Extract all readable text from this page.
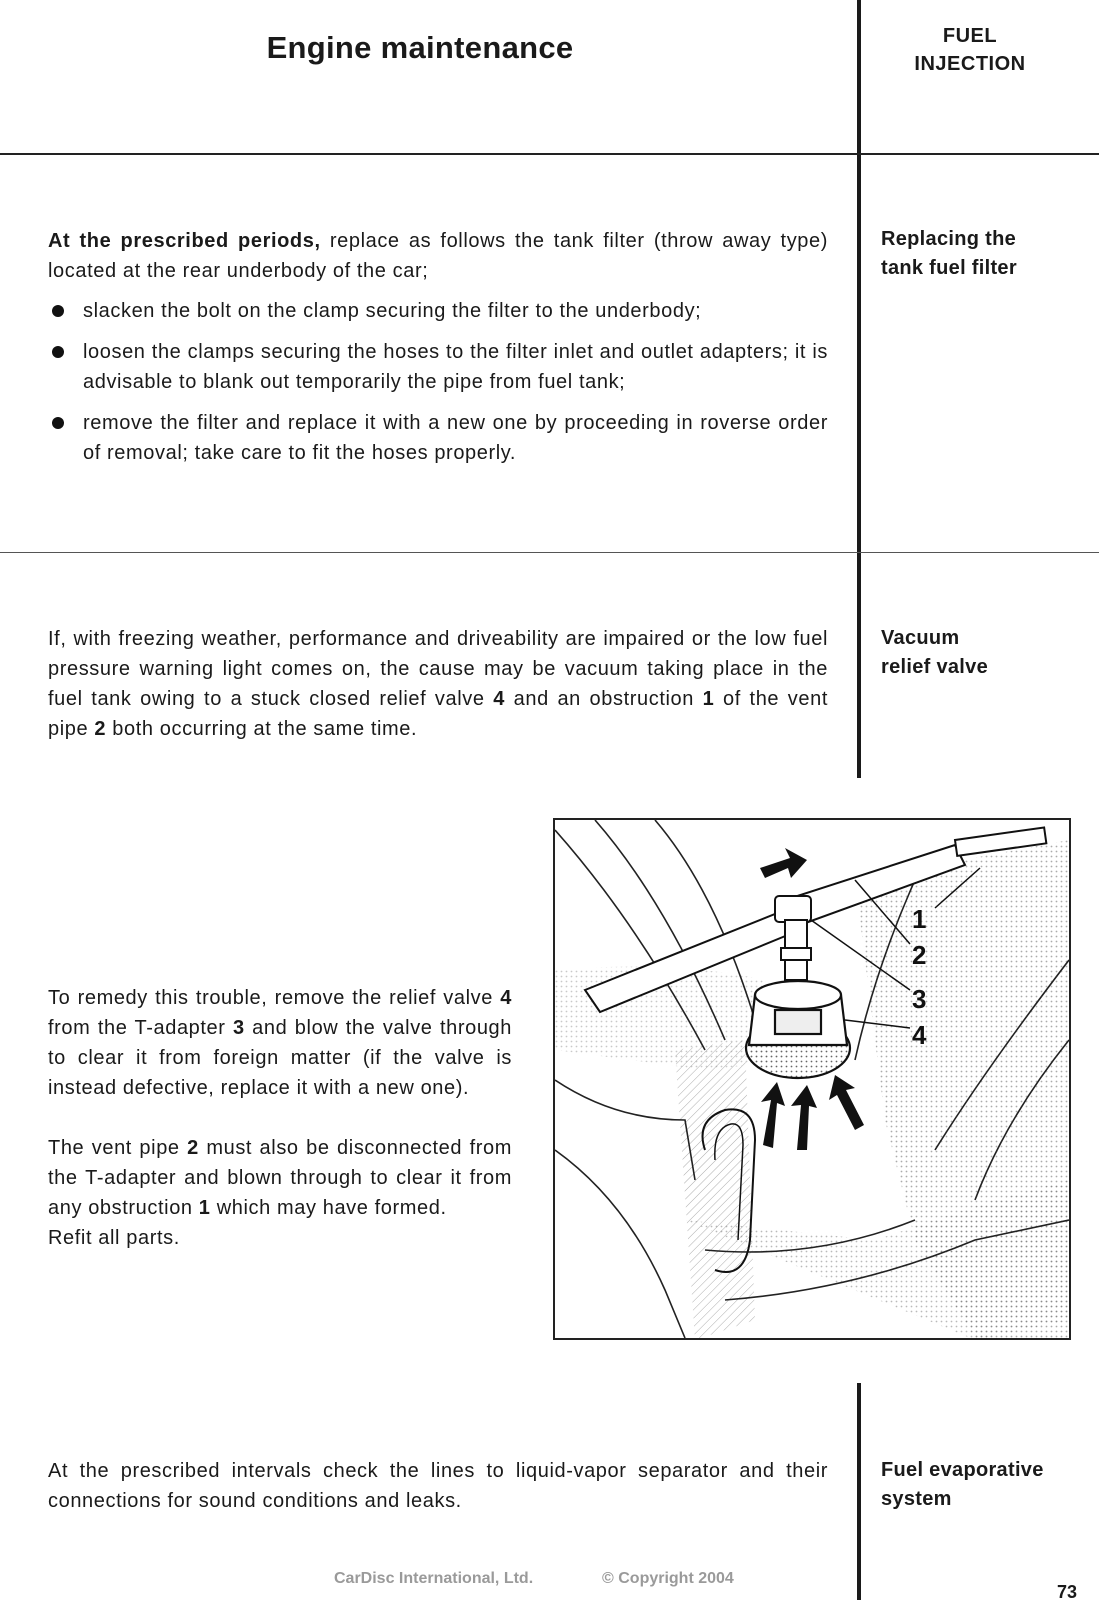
Engine maintenance	FUEL
INJECTION
Replacing the
tank fuel filter
At the prescribed periods, replace as follows the tank filter (throw away type) located at the rear underbody of the car;
slacken the bolt on the clamp securing the filter to the underbody;
loosen the clamps securing the hoses to the filter inlet and outlet adapters; it is advisable to blank out temporarily the pipe from fuel tank;
remove the filter and replace it with a new one by proceeding in roverse order of removal; take care to fit the hoses properly.
Vacuum
relief valve
If, with freezing weather, performance and driveability are impaired or the low fuel pressure warning light comes on, the cause may be vacuum taking place in the fuel tank owing to a stuck closed relief valve 4 and an obstruction 1 of the vent pipe 2 both occurring at the same time.
To remedy this trouble, remove the relief valve 4 from the T-adapter 3 and blow the valve through to clear it from foreign matter (if the valve is instead defective, replace it with a new one).
The vent pipe 2 must also be disconnected from the T-adapter and blown through to clear it from any obstruction 1 which may have formed.
Refit all parts.
1
2
3
4
Fuel evaporative
system
At the prescribed intervals check the lines to liquid-vapor separator and their connections for sound conditions and leaks.
CarDisc International, Ltd.	© Copyright 2004
73
